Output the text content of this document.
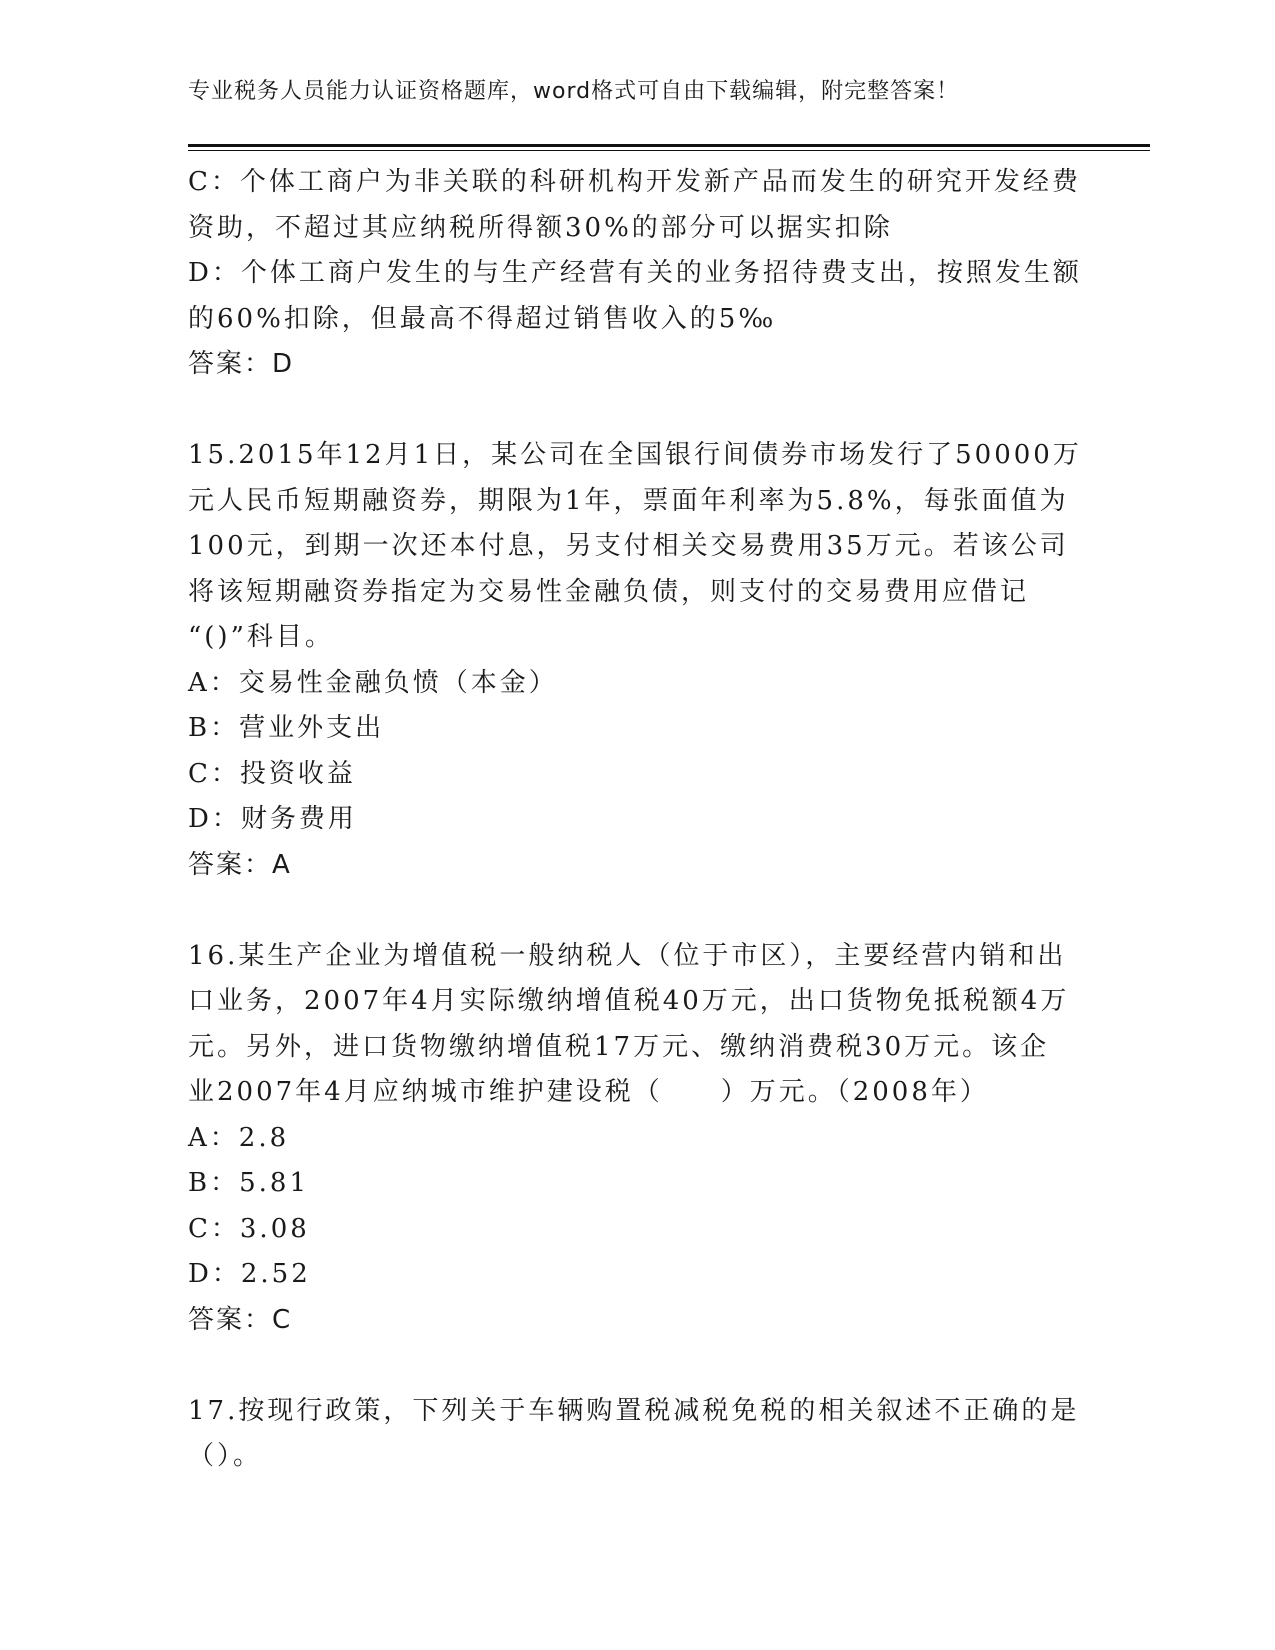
专业税务人员能力认证资格题库，word格式可自由下载编辑，附完整答案！

C：个体工商户为非关联的科研机构开发新产品而发生的研究开发经费

资助，不超过其应纳税所得额30%的部分可以据实扣除

D：个体工商户发生的与生产经营有关的业务招待费支出，按照发生额

的60%扣除，但最高不得超过销售收入的5‰

答案：D

15.2015年12月1日，某公司在全国银行间债券市场发行了50000万

元人民币短期融资券，期限为1年，票面年利率为5.8%，每张面值为

100元，到期一次还本付息，另支付相关交易费用35万元。若该公司

将该短期融资券指定为交易性金融负债，则支付的交易费用应借记

“()”科目。

A：交易性金融负愤（本金）

B：营业外支出

C：投资收益

D：财务费用

答案：A

16.某生产企业为增值税一般纳税人（位于市区），主要经营内销和出

口业务，2007年4月实际缴纳增值税40万元，出口货物免抵税额4万

元。另外，进口货物缴纳增值税17万元、缴纳消费税30万元。该企

业2007年4月应纳城市维护建设税（　　）万元。（2008年）

A：2.8

B：5.81

C：3.08

D：2.52

答案：C

17.按现行政策，下列关于车辆购置税减税免税的相关叙述不正确的是

（）。
